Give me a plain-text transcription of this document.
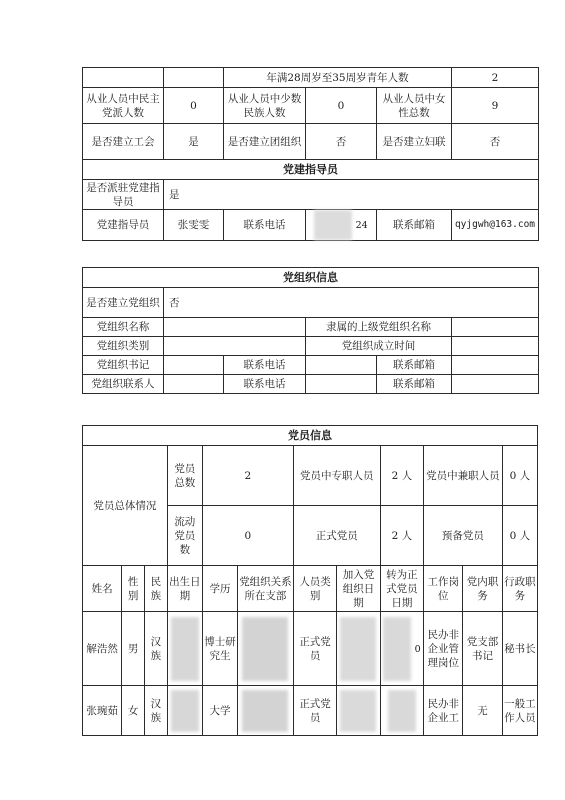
		年满28周岁至35周岁青年人数			2
从业人员中民主党派人数	0	从业人员中少数民族人数	0	从业人员中女性总数	9
是否建立工会	是	是否建立团组织	否	是否建立妇联	否
党建指导员					
是否派驻党建指导员	是				
党建指导员	张雯雯	联系电话	24	联系邮箱	qyjgwh@163.com
党组织信息					
是否建立党组织	否				
党组织名称			隶属的上级党组织名称		
党组织类别			党组织成立时间		
党组织书记		联系电话		联系邮箱	
党组织联系人		联系电话		联系邮箱	
党员信息											
党员总体情况			党员总数	2		党员中专职人员		2 人	党员中兼职人员		0 人
			流动党员数	0		正式党员		2 人	预备党员		0 人
姓名	性别	民族	出生日期	学历	党组织关系所在支部	人员类别	加入党组织日期	转为正式党员日期	工作岗位	党内职务	行政职务
解浩然	男	汉族		博士研究生		正式党员		0	民办非企业管理岗位	党支部书记	秘书长
张琬茹	女	汉族		大学		正式党员			民办非企业工	无	一般工作人员
